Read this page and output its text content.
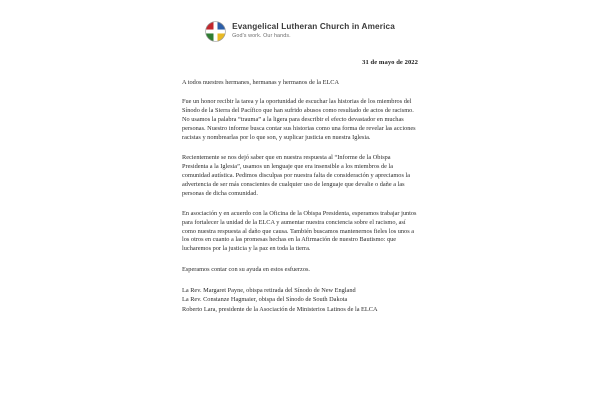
Evangelical Lutheran Church in America
God's work. Our hands.
31 de mayo de 2022
A todos nuestres hermanes, hermanas y hermanos de la ELCA

Fue un honor recibir la tarea y la oportunidad de escuchar las historias de los miembros del Sínodo de la Sierra del Pacífico que han sufrido abusos como resultado de actos de racismo. No usamos la palabra “trauma” a la ligera para describir el efecto devastador en muchas personas. Nuestro informe busca contar sus historias como una forma de revelar las acciones racistas y nombrearlas por lo que son, y suplicar justicia en nuestra Iglesia.

Recientemente se nos dejó saber que en nuestra respuesta al “Informe de la Obispa Presidenta a la Iglesia”, usamos un lenguaje que era insensible a los miembros de la comunidad autística. Pedimos disculpas por nuestra falta de consideración y apreciamos la advertencia de ser más conscientes de cualquier uso de lenguaje que devalie o dañe a las personas de dicha comunidad.

En asociación y en acuerdo con la Oficina de la Obispa Presidenta, esperamos trabajar juntos para fortalecer la unidad de la ELCA y aumentar nuestra conciencia sobre el racismo, así como nuestra respuesta al daño que causa. También buscamos mantenernos fieles los unos a los otros en cuanto a las promesas hechas en la Afirmación de nuestro Bautismo: que lucharemos por la justicia y la paz en toda la tierra.

Esperamos contar con su ayuda en estos esfuerzos.
La Rev. Margaret Payne, obispa retirada del Sínodo de New England
La Rev. Constanze Hagmaier, obispa del Sínodo de South Dakota
Roberto Lara, presidente de la Asociación de Ministerios Latinos de la ELCA
